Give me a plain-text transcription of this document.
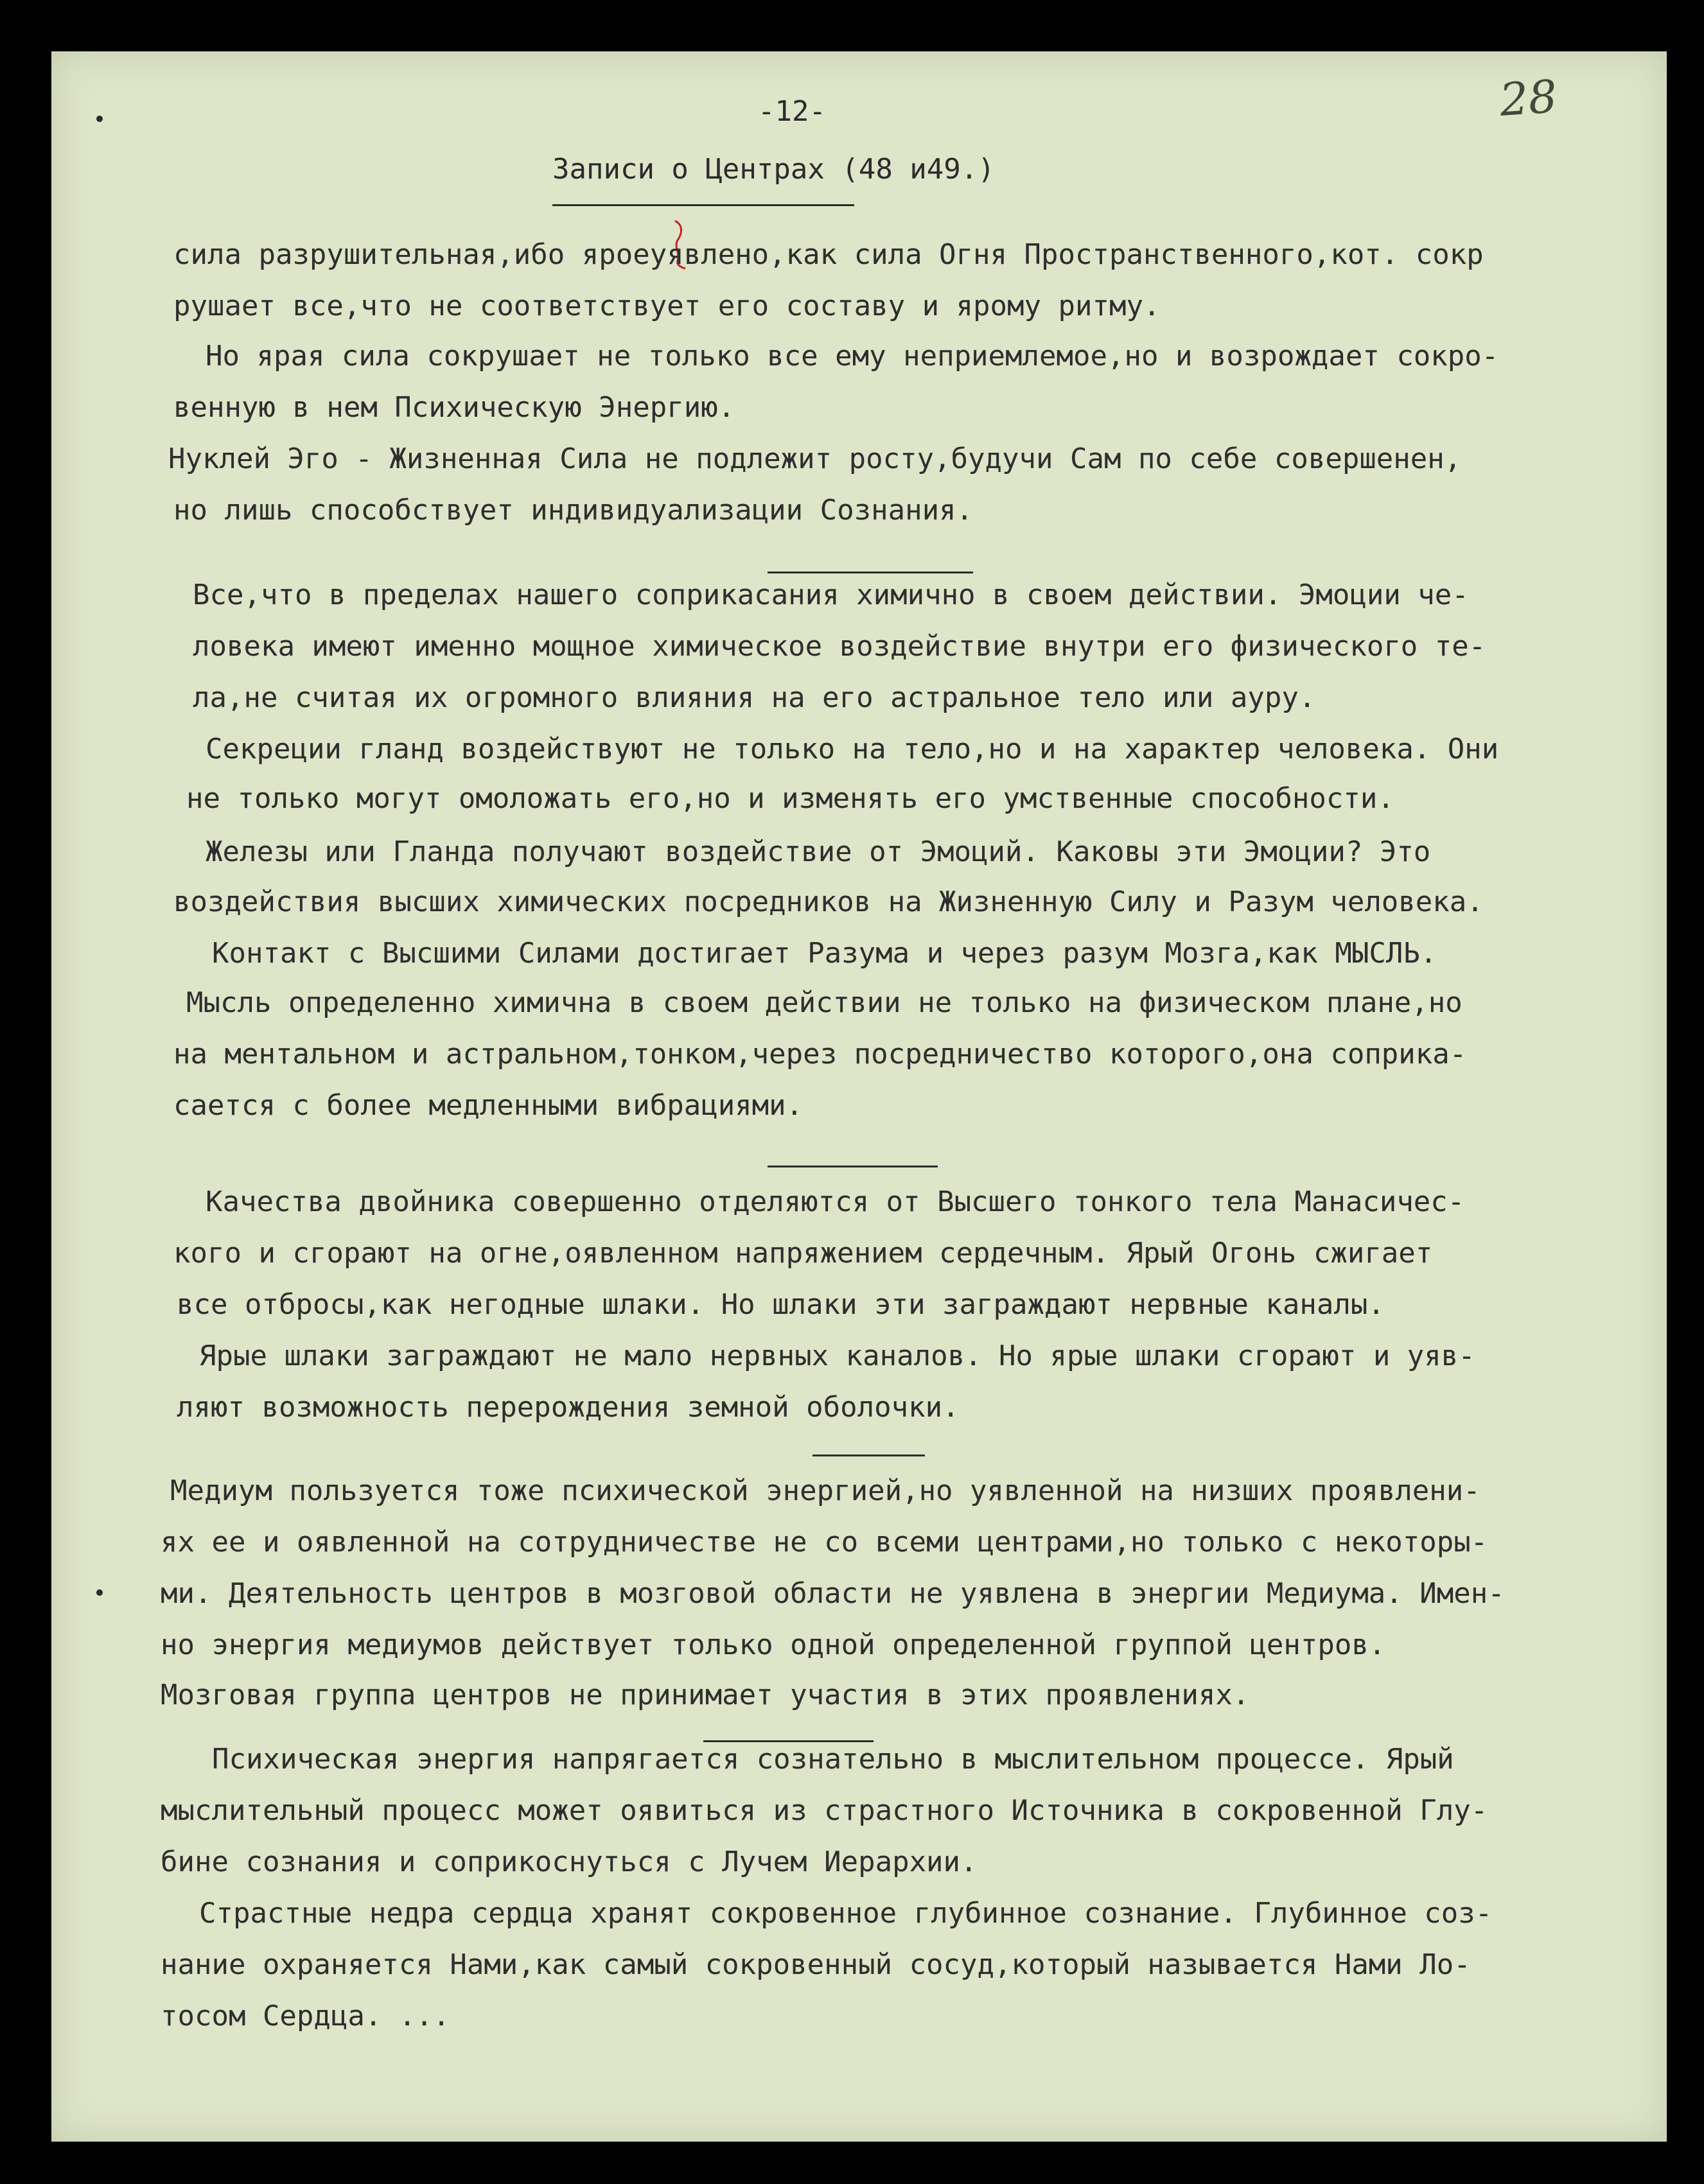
28
-12-
Записи о Центрах (48 и49.)
сила разрушительная,ибо яроеуявлено,как сила Огня Пространственного,кот. сокр
рушает все,что не соответствует его составу и ярому ритму.
Но ярая сила сокрушает не только все ему неприемлемое,но и возрождает сокро-
венную в нем Психическую Энергию.
Нуклей Эго - Жизненная Сила не подлежит росту,будучи Сам по себе совершенен,
но лишь способствует индивидуализации Сознания.
Все,что в пределах нашего соприкасания химично в своем действии. Эмоции че-
ловека имеют именно мощное химическое воздействие внутри его физического те-
ла,не считая их огромного влияния на его астральное тело или ауру.
Секреции гланд воздействуют не только на тело,но и на характер человека. Они
не только могут омоложать его,но и изменять его умственные способности.
Железы или Гланда получают воздействие от Эмоций. Каковы эти Эмоции? Это
воздействия высших химических посредников на Жизненную Силу и Разум человека.
Контакт с Высшими Силами достигает Разума и через разум Мозга,как МЫСЛЬ.
Мысль определенно химична в своем действии не только на физическом плане,но
на ментальном и астральном,тонком,через посредничество которого,она соприка-
сается с более медленными вибрациями.
Качества двойника совершенно отделяются от Высшего тонкого тела Манасичес-
кого и сгорают на огне,оявленном напряжением сердечным. Ярый Огонь сжигает
все отбросы,как негодные шлаки. Но шлаки эти заграждают нервные каналы.
Ярые шлаки заграждают не мало нервных каналов. Но ярые шлаки сгорают и уяв-
ляют возможность перерождения земной оболочки.
Медиум пользуется тоже психической энергией,но уявленной на низших проявлени-
ях ее и оявленной на сотрудничестве не со всеми центрами,но только с некоторы-
ми. Деятельность центров в мозговой области не уявлена в энергии Медиума. Имен-
но энергия медиумов действует только одной определенной группой центров.
Мозговая группа центров не принимает участия в этих проявлениях.
Психическая энергия напрягается сознательно в мыслительном процессе. Ярый
мыслительный процесс может оявиться из страстного Источника в сокровенной Глу-
бине сознания и соприкоснуться с Лучем Иерархии.
Страстные недра сердца хранят сокровенное глубинное сознание. Глубинное соз-
нание охраняется Нами,как самый сокровенный сосуд,который называется Нами Ло-
тосом Сердца. ...
